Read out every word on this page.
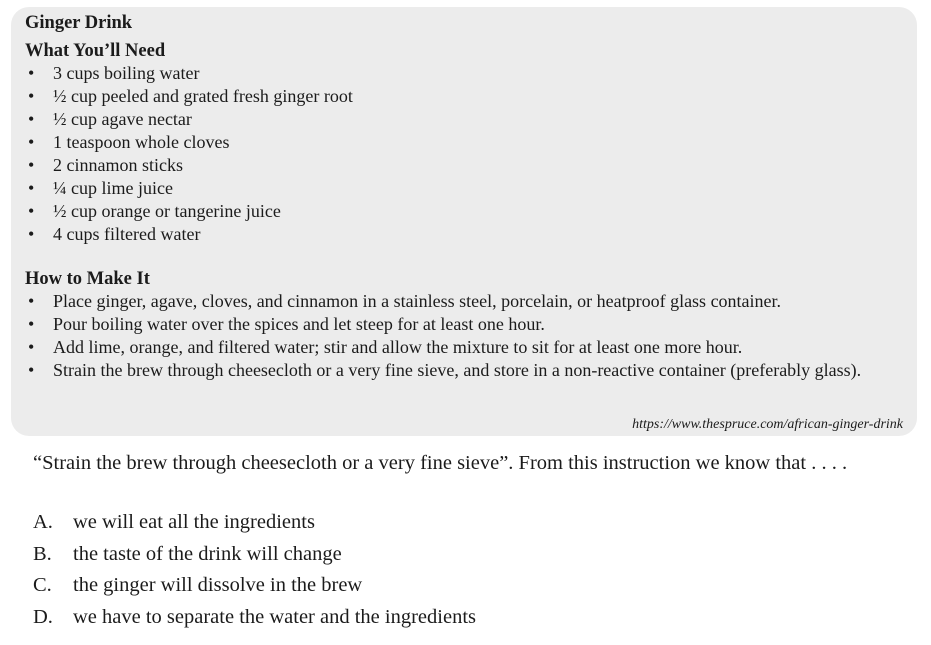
Ginger Drink
What You’ll Need
• 3 cups boiling water
• ½ cup peeled and grated fresh ginger root
• ½ cup agave nectar
• 1 teaspoon whole cloves
• 2 cinnamon sticks
• ¼ cup lime juice
• ½ cup orange or tangerine juice
• 4 cups filtered water
How to Make It
• Place ginger, agave, cloves, and cinnamon in a stainless steel, porcelain, or heatproof glass container.
• Pour boiling water over the spices and let steep for at least one hour.
• Add lime, orange, and filtered water; stir and allow the mixture to sit for at least one more hour.
• Strain the brew through cheesecloth or a very fine sieve, and store in a non-reactive container (preferably glass).
https://www.thespruce.com/african-ginger-drink

“Strain the brew through cheesecloth or a very fine sieve”. From this instruction we know that . . . .

A. we will eat all the ingredients
B. the taste of the drink will change
C. the ginger will dissolve in the brew
D. we have to separate the water and the ingredients
